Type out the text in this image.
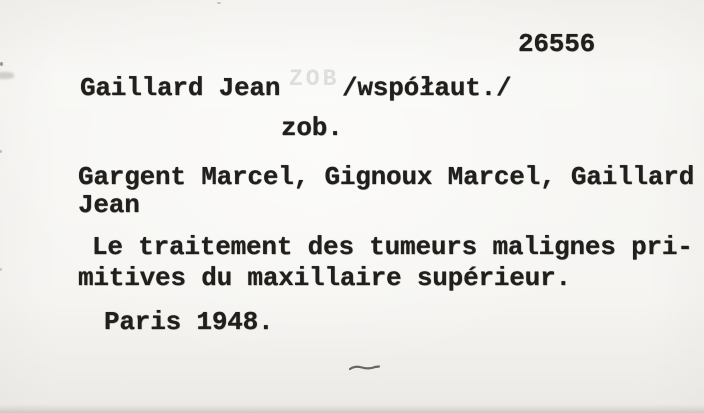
26556
Gaillard Jean ZOB /współaut./
zob.
Gargent Marcel, Gignoux Marcel, Gaillard
Jean
Le traitement des tumeurs malignes pri-
mitives du maxillaire supérieur.
Paris 1948.
